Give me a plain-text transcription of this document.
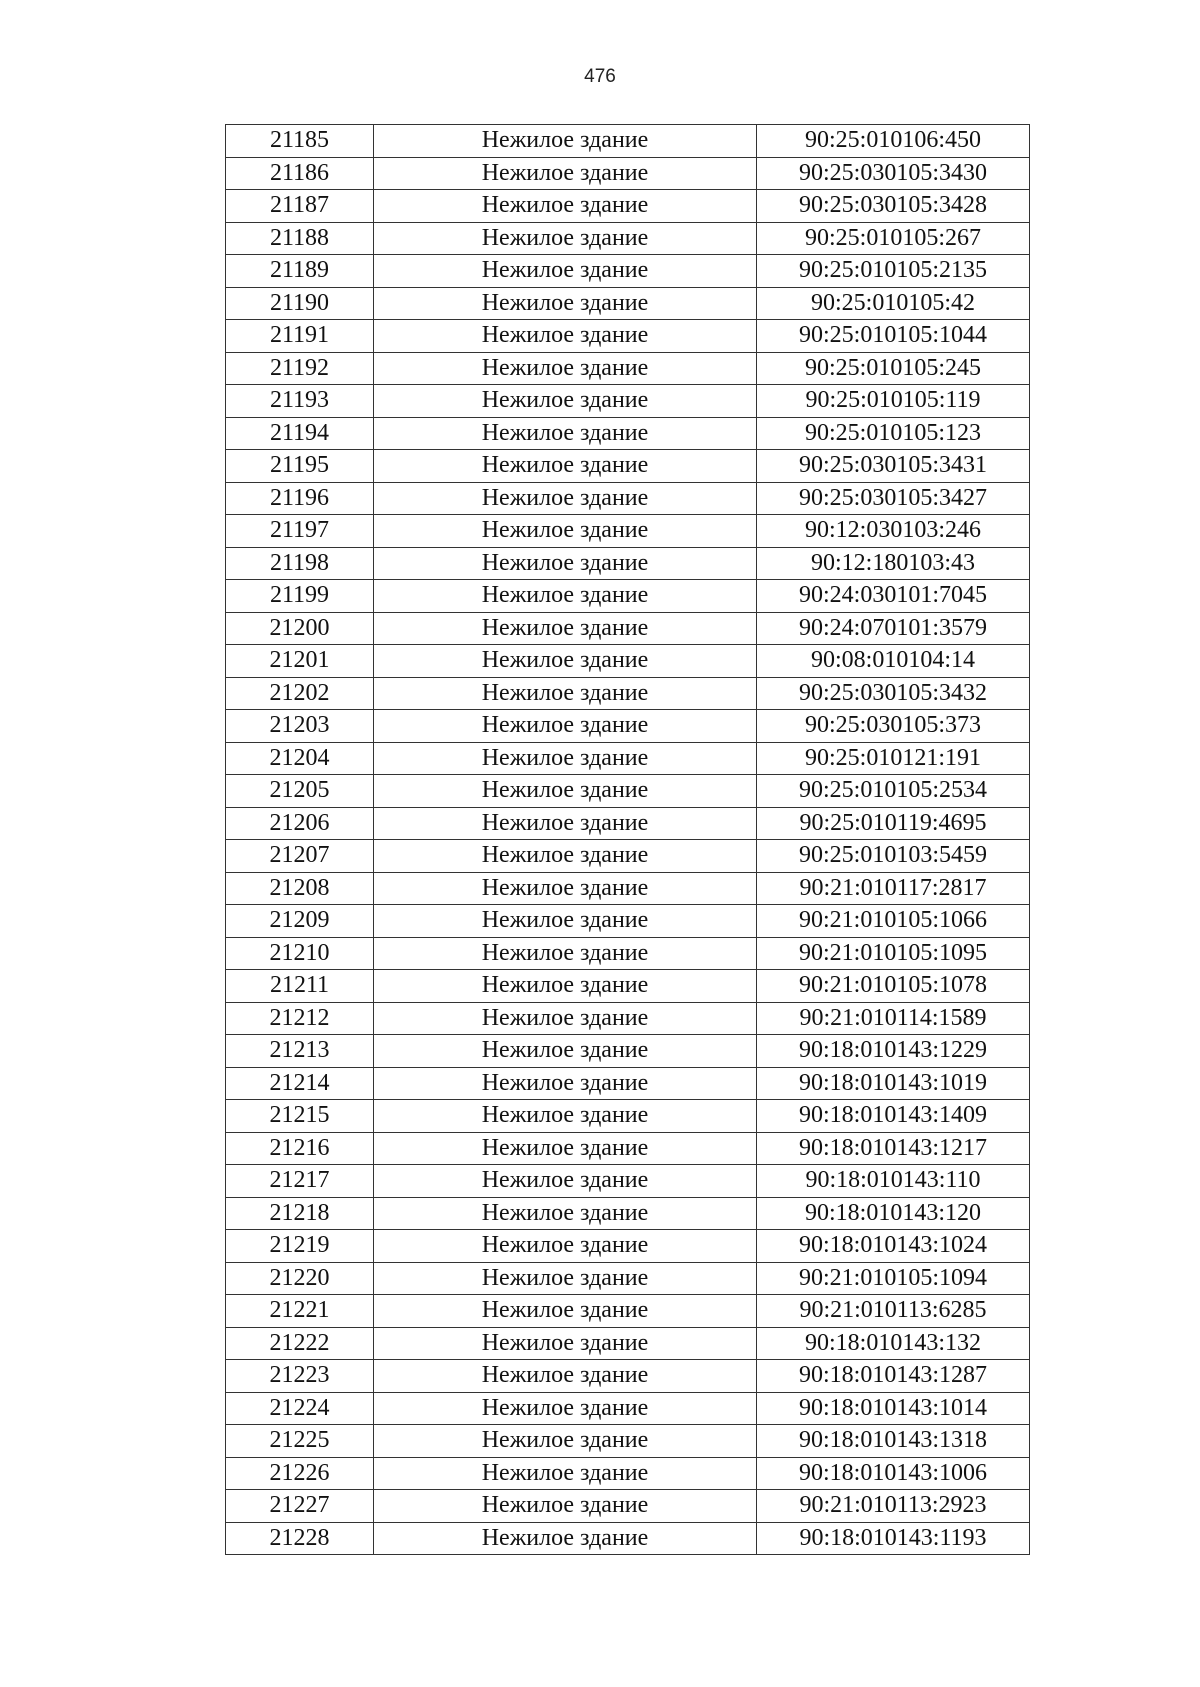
476
21185	Нежилое здание	90:25:010106:450
21186	Нежилое здание	90:25:030105:3430
21187	Нежилое здание	90:25:030105:3428
21188	Нежилое здание	90:25:010105:267
21189	Нежилое здание	90:25:010105:2135
21190	Нежилое здание	90:25:010105:42
21191	Нежилое здание	90:25:010105:1044
21192	Нежилое здание	90:25:010105:245
21193	Нежилое здание	90:25:010105:119
21194	Нежилое здание	90:25:010105:123
21195	Нежилое здание	90:25:030105:3431
21196	Нежилое здание	90:25:030105:3427
21197	Нежилое здание	90:12:030103:246
21198	Нежилое здание	90:12:180103:43
21199	Нежилое здание	90:24:030101:7045
21200	Нежилое здание	90:24:070101:3579
21201	Нежилое здание	90:08:010104:14
21202	Нежилое здание	90:25:030105:3432
21203	Нежилое здание	90:25:030105:373
21204	Нежилое здание	90:25:010121:191
21205	Нежилое здание	90:25:010105:2534
21206	Нежилое здание	90:25:010119:4695
21207	Нежилое здание	90:25:010103:5459
21208	Нежилое здание	90:21:010117:2817
21209	Нежилое здание	90:21:010105:1066
21210	Нежилое здание	90:21:010105:1095
21211	Нежилое здание	90:21:010105:1078
21212	Нежилое здание	90:21:010114:1589
21213	Нежилое здание	90:18:010143:1229
21214	Нежилое здание	90:18:010143:1019
21215	Нежилое здание	90:18:010143:1409
21216	Нежилое здание	90:18:010143:1217
21217	Нежилое здание	90:18:010143:110
21218	Нежилое здание	90:18:010143:120
21219	Нежилое здание	90:18:010143:1024
21220	Нежилое здание	90:21:010105:1094
21221	Нежилое здание	90:21:010113:6285
21222	Нежилое здание	90:18:010143:132
21223	Нежилое здание	90:18:010143:1287
21224	Нежилое здание	90:18:010143:1014
21225	Нежилое здание	90:18:010143:1318
21226	Нежилое здание	90:18:010143:1006
21227	Нежилое здание	90:21:010113:2923
21228	Нежилое здание	90:18:010143:1193
